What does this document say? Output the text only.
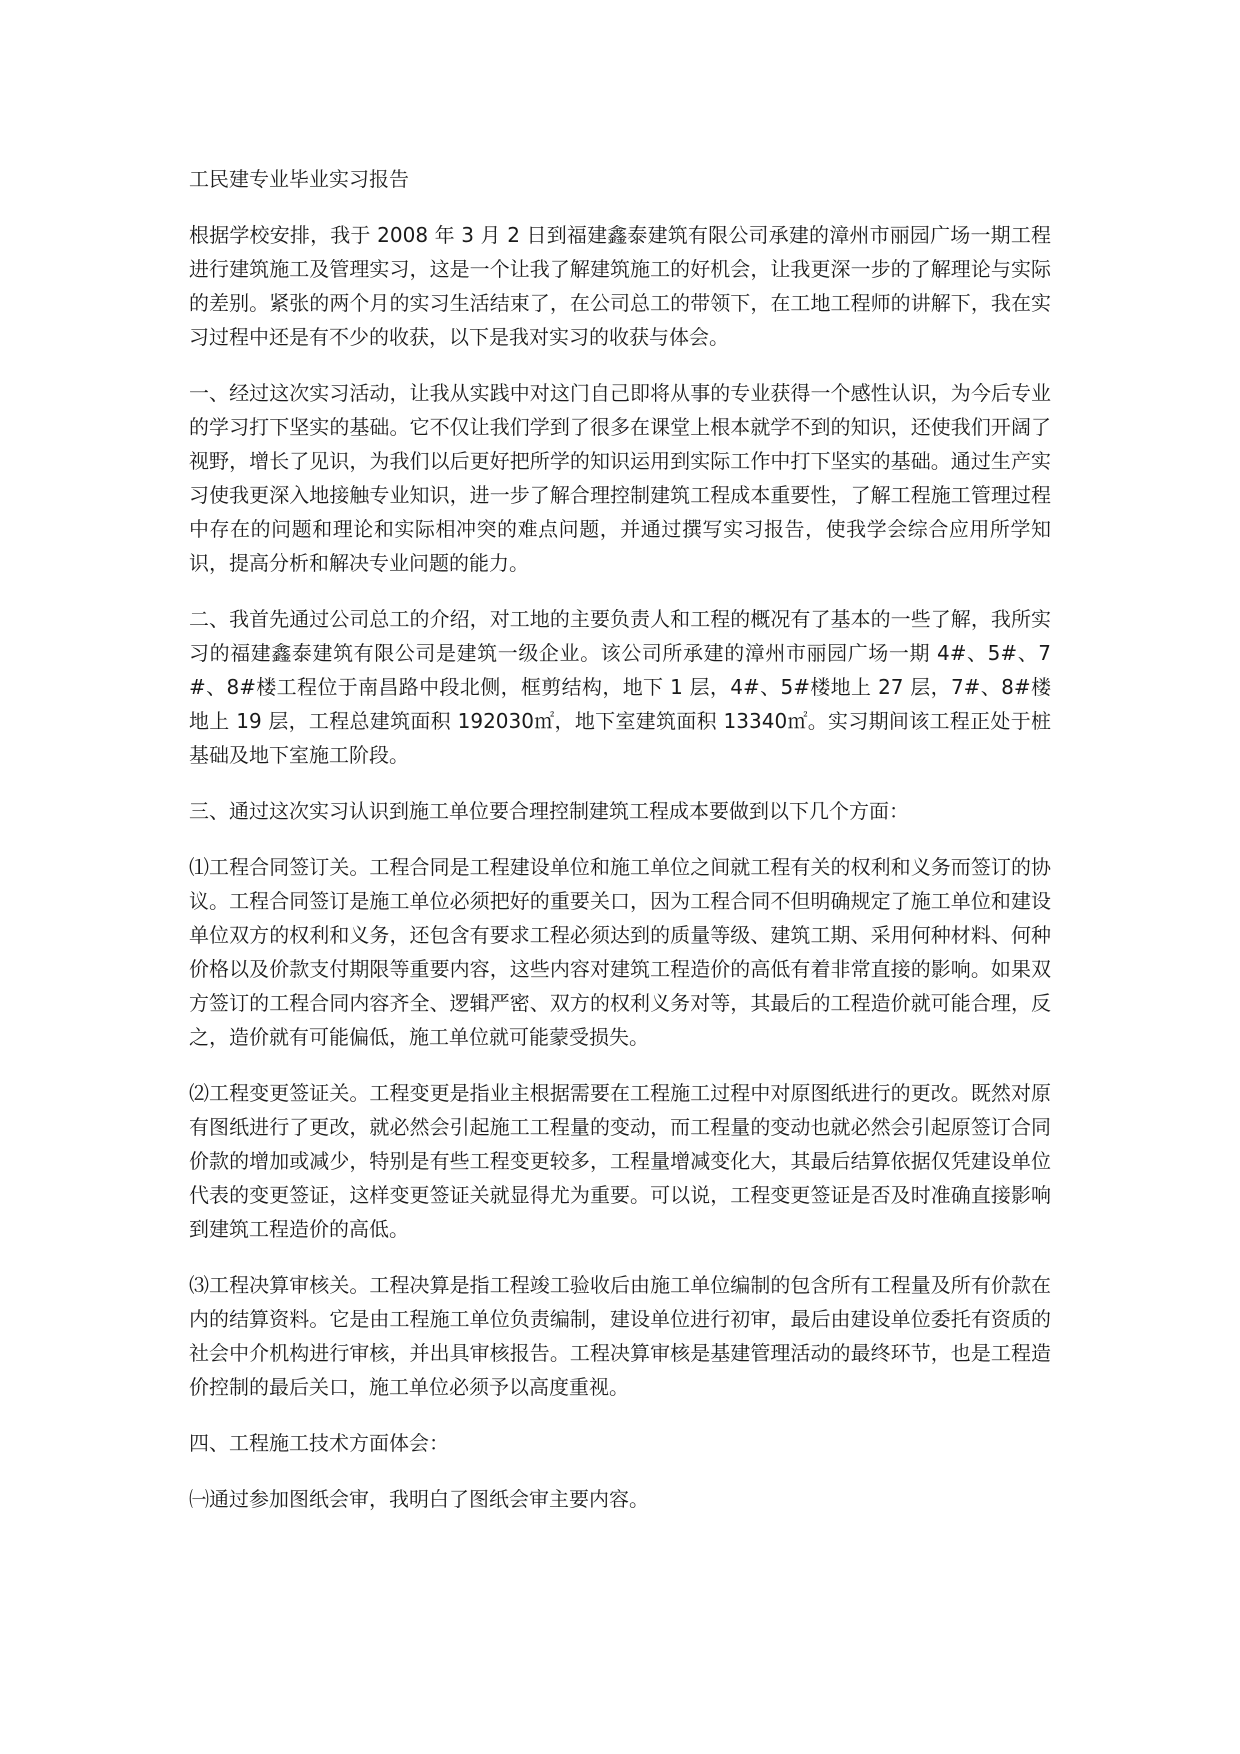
工民建专业毕业实习报告

根据学校安排，我于 2008 年 3 月 2 日到福建鑫泰建筑有限公司承建的漳州市丽园广场一期工程进行建筑施工及管理实习，这是一个让我了解建筑施工的好机会，让我更深一步的了解理论与实际的差别。紧张的两个月的实习生活结束了，在公司总工的带领下，在工地工程师的讲解下，我在实习过程中还是有不少的收获，以下是我对实习的收获与体会。

一、经过这次实习活动，让我从实践中对这门自己即将从事的专业获得一个感性认识，为今后专业的学习打下坚实的基础。它不仅让我们学到了很多在课堂上根本就学不到的知识，还使我们开阔了视野，增长了见识，为我们以后更好把所学的知识运用到实际工作中打下坚实的基础。通过生产实习使我更深入地接触专业知识，进一步了解合理控制建筑工程成本重要性，了解工程施工管理过程中存在的问题和理论和实际相冲突的难点问题，并通过撰写实习报告，使我学会综合应用所学知识，提高分析和解决专业问题的能力。

二、我首先通过公司总工的介绍，对工地的主要负责人和工程的概况有了基本的一些了解，我所实习的福建鑫泰建筑有限公司是建筑一级企业。该公司所承建的漳州市丽园广场一期 4#、5#、7#、8#楼工程位于南昌路中段北侧，框剪结构，地下 1 层，4#、5#楼地上 27 层，7#、8#楼地上 19 层，工程总建筑面积 192030㎡，地下室建筑面积 13340㎡。实习期间该工程正处于桩基础及地下室施工阶段。

三、通过这次实习认识到施工单位要合理控制建筑工程成本要做到以下几个方面：

⑴工程合同签订关。工程合同是工程建设单位和施工单位之间就工程有关的权利和义务而签订的协议。工程合同签订是施工单位必须把好的重要关口，因为工程合同不但明确规定了施工单位和建设单位双方的权利和义务，还包含有要求工程必须达到的质量等级、建筑工期、采用何种材料、何种价格以及价款支付期限等重要内容，这些内容对建筑工程造价的高低有着非常直接的影响。如果双方签订的工程合同内容齐全、逻辑严密、双方的权利义务对等，其最后的工程造价就可能合理，反之，造价就有可能偏低，施工单位就可能蒙受损失。

⑵工程变更签证关。工程变更是指业主根据需要在工程施工过程中对原图纸进行的更改。既然对原有图纸进行了更改，就必然会引起施工工程量的变动，而工程量的变动也就必然会引起原签订合同价款的增加或减少，特别是有些工程变更较多，工程量增减变化大，其最后结算依据仅凭建设单位代表的变更签证，这样变更签证关就显得尤为重要。可以说，工程变更签证是否及时准确直接影响到建筑工程造价的高低。

⑶工程决算审核关。工程决算是指工程竣工验收后由施工单位编制的包含所有工程量及所有价款在内的结算资料。它是由工程施工单位负责编制，建设单位进行初审，最后由建设单位委托有资质的社会中介机构进行审核，并出具审核报告。工程决算审核是基建管理活动的最终环节，也是工程造价控制的最后关口，施工单位必须予以高度重视。

四、工程施工技术方面体会：

㈠通过参加图纸会审，我明白了图纸会审主要内容。
